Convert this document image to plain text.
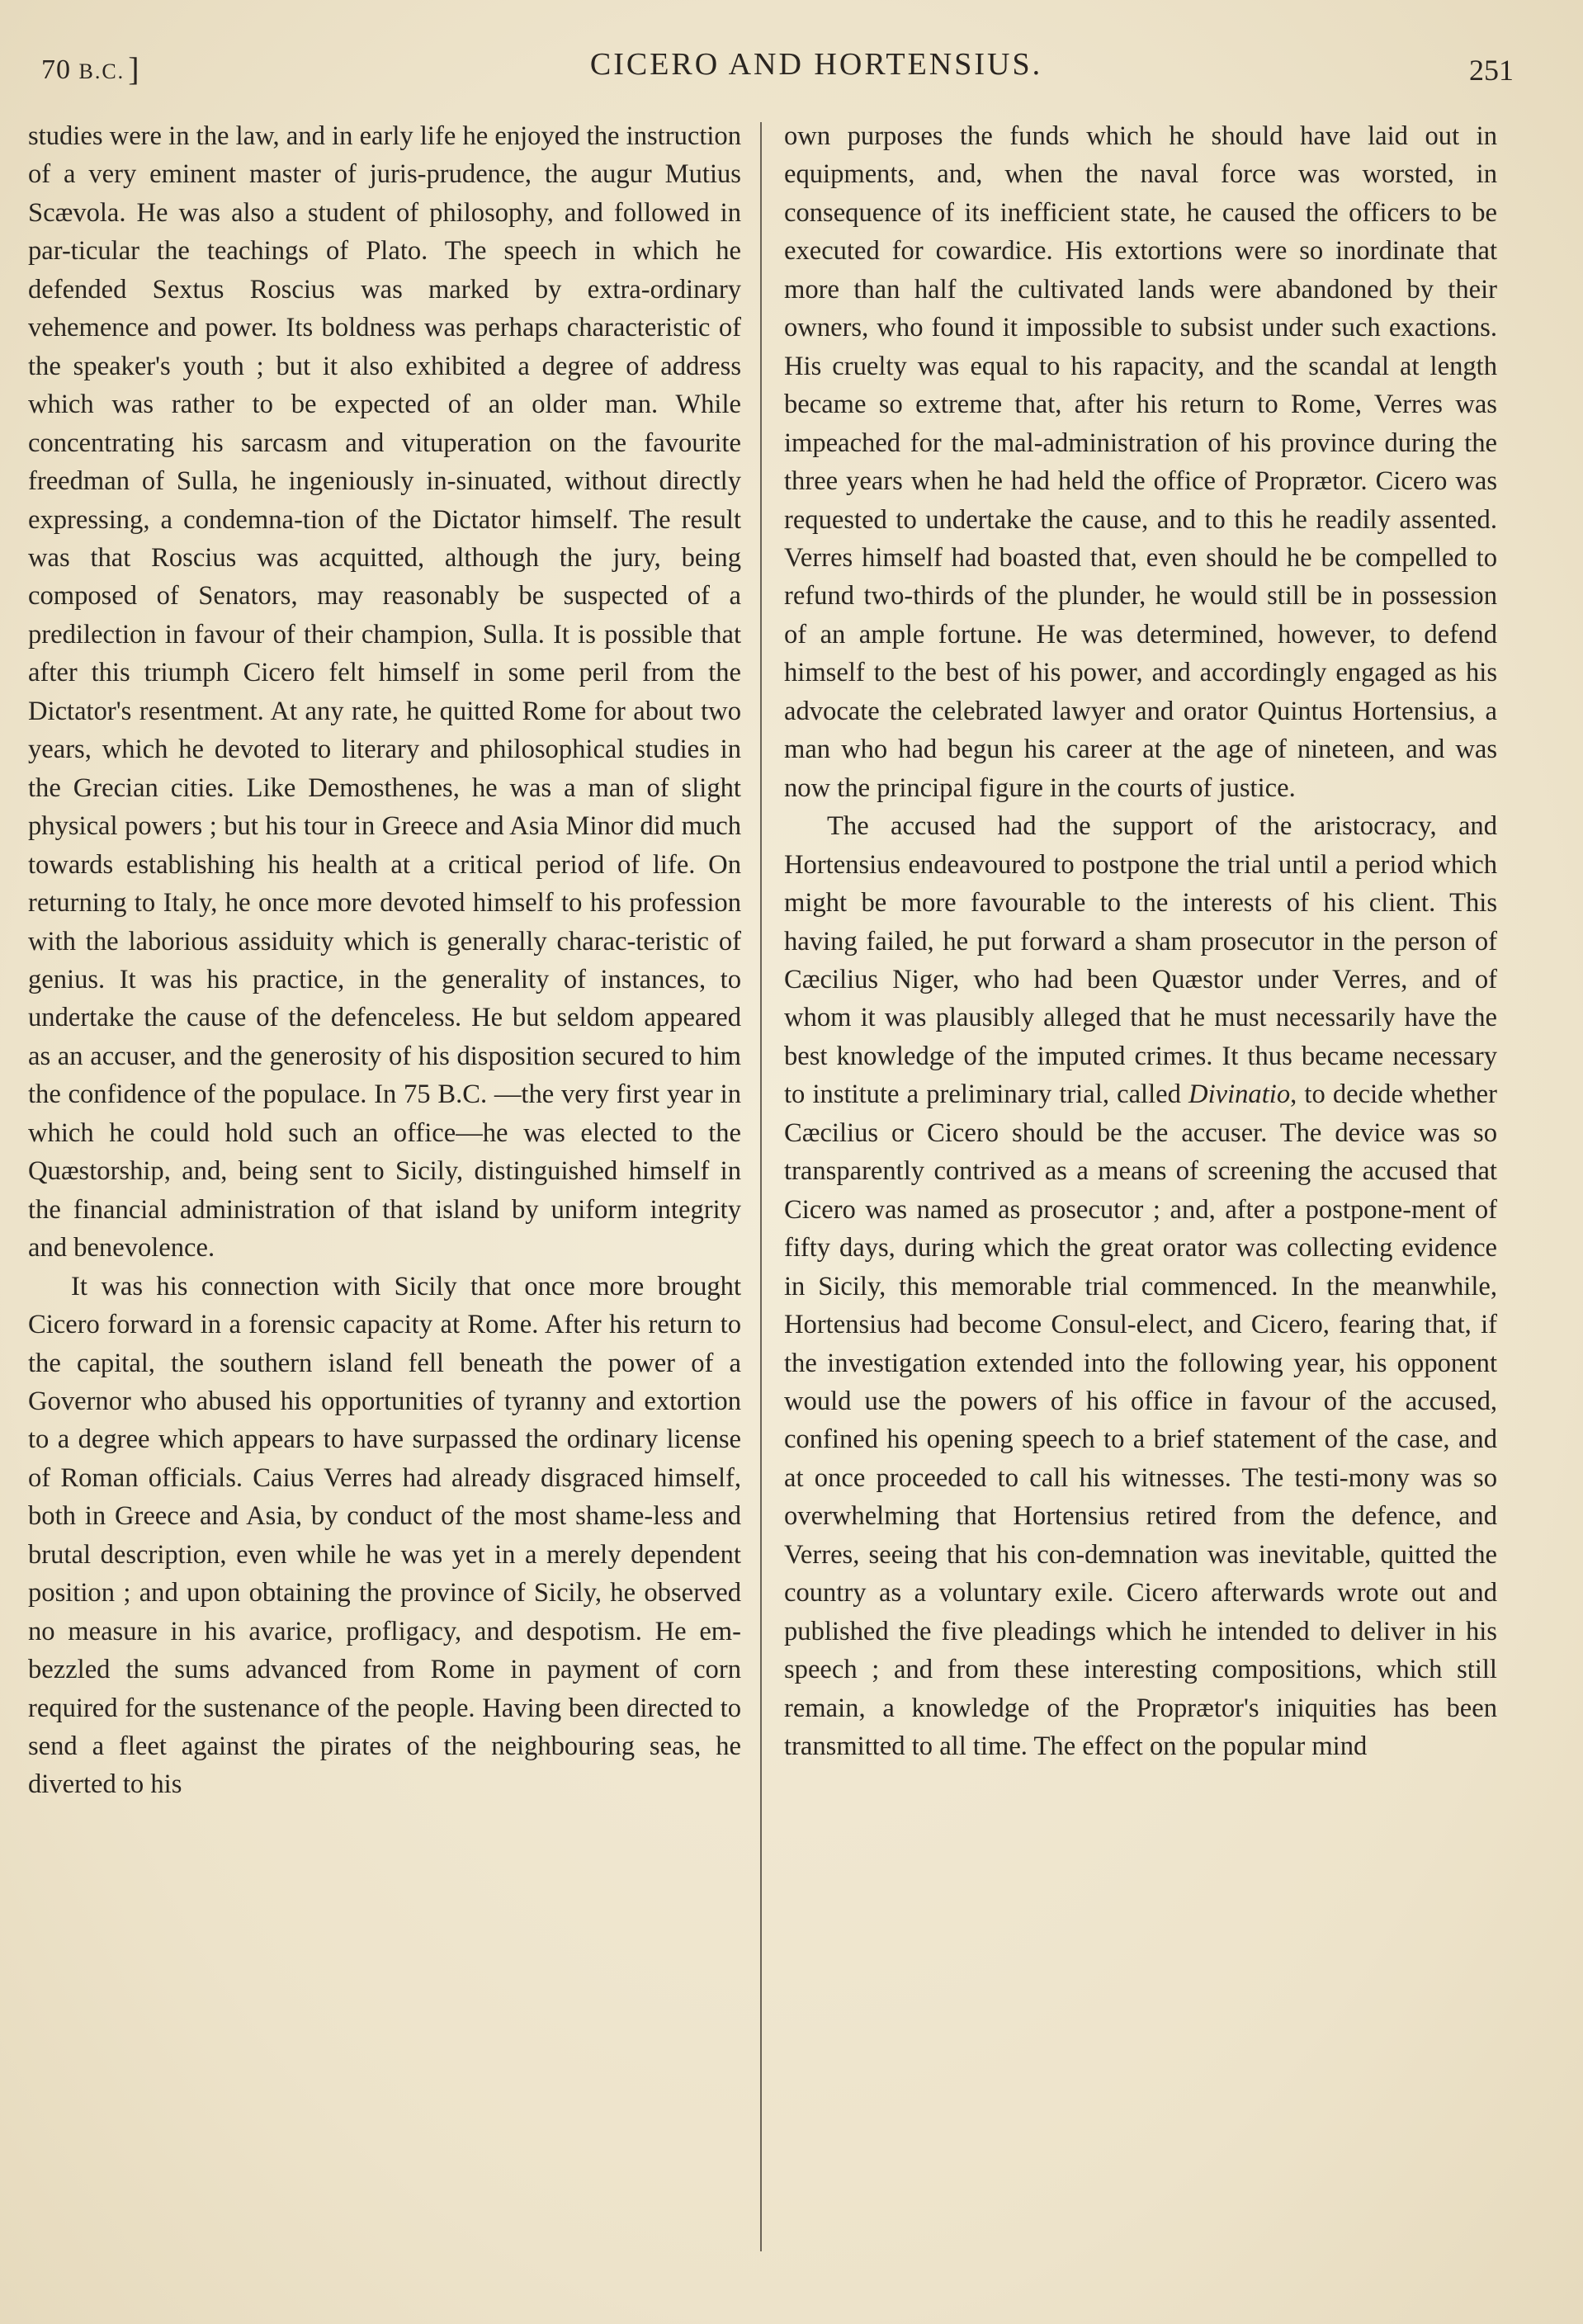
70 B.C. ]	CICERO AND HORTENSIUS.	251

studies were in the law, and in early life he enjoyed the instruction of a very eminent master of juris-prudence, the augur Mutius Scævola. He was also a student of philosophy, and followed in par-ticular the teachings of Plato. The speech in which he defended Sextus Roscius was marked by extra-ordinary vehemence and power. Its boldness was perhaps characteristic of the speaker's youth ; but it also exhibited a degree of address which was rather to be expected of an older man. While concentrating his sarcasm and vituperation on the favourite freedman of Sulla, he ingeniously in-sinuated, without directly expressing, a condemna-tion of the Dictator himself. The result was that Roscius was acquitted, although the jury, being composed of Senators, may reasonably be suspected of a predilection in favour of their champion, Sulla. It is possible that after this triumph Cicero felt himself in some peril from the Dictator's resentment. At any rate, he quitted Rome for about two years, which he devoted to literary and philosophical studies in the Grecian cities. Like Demosthenes, he was a man of slight physical powers ; but his tour in Greece and Asia Minor did much towards establishing his health at a critical period of life. On returning to Italy, he once more devoted himself to his profession with the laborious assiduity which is generally charac-teristic of genius. It was his practice, in the generality of instances, to undertake the cause of the defenceless. He but seldom appeared as an accuser, and the generosity of his disposition secured to him the confidence of the populace. In 75 B.C. —the very first year in which he could hold such an office—he was elected to the Quæstorship, and, being sent to Sicily, distinguished himself in the financial administration of that island by uniform integrity and benevolence.

It was his connection with Sicily that once more brought Cicero forward in a forensic capacity at Rome. After his return to the capital, the southern island fell beneath the power of a Governor who abused his opportunities of tyranny and extortion to a degree which appears to have surpassed the ordinary license of Roman officials. Caius Verres had already disgraced himself, both in Greece and Asia, by conduct of the most shame-less and brutal description, even while he was yet in a merely dependent position ; and upon obtaining the province of Sicily, he observed no measure in his avarice, profligacy, and despotism. He em-bezzled the sums advanced from Rome in payment of corn required for the sustenance of the people. Having been directed to send a fleet against the pirates of the neighbouring seas, he diverted to his

own purposes the funds which he should have laid out in equipments, and, when the naval force was worsted, in consequence of its inefficient state, he caused the officers to be executed for cowardice. His extortions were so inordinate that more than half the cultivated lands were abandoned by their owners, who found it impossible to subsist under such exactions. His cruelty was equal to his rapacity, and the scandal at length became so extreme that, after his return to Rome, Verres was impeached for the mal-administration of his province during the three years when he had held the office of Proprætor. Cicero was requested to undertake the cause, and to this he readily assented. Verres himself had boasted that, even should he be compelled to refund two-thirds of the plunder, he would still be in possession of an ample fortune. He was determined, however, to defend himself to the best of his power, and accordingly engaged as his advocate the celebrated lawyer and orator Quintus Hortensius, a man who had begun his career at the age of nineteen, and was now the principal figure in the courts of justice.

The accused had the support of the aristocracy, and Hortensius endeavoured to postpone the trial until a period which might be more favourable to the interests of his client. This having failed, he put forward a sham prosecutor in the person of Cæcilius Niger, who had been Quæstor under Verres, and of whom it was plausibly alleged that he must necessarily have the best knowledge of the imputed crimes. It thus became necessary to institute a preliminary trial, called Divinatio, to decide whether Cæcilius or Cicero should be the accuser. The device was so transparently contrived as a means of screening the accused that Cicero was named as prosecutor ; and, after a postpone-ment of fifty days, during which the great orator was collecting evidence in Sicily, this memorable trial commenced. In the meanwhile, Hortensius had become Consul-elect, and Cicero, fearing that, if the investigation extended into the following year, his opponent would use the powers of his office in favour of the accused, confined his opening speech to a brief statement of the case, and at once proceeded to call his witnesses. The testi-mony was so overwhelming that Hortensius retired from the defence, and Verres, seeing that his con-demnation was inevitable, quitted the country as a voluntary exile. Cicero afterwards wrote out and published the five pleadings which he intended to deliver in his speech ; and from these interesting compositions, which still remain, a knowledge of the Proprætor's iniquities has been transmitted to all time. The effect on the popular mind
